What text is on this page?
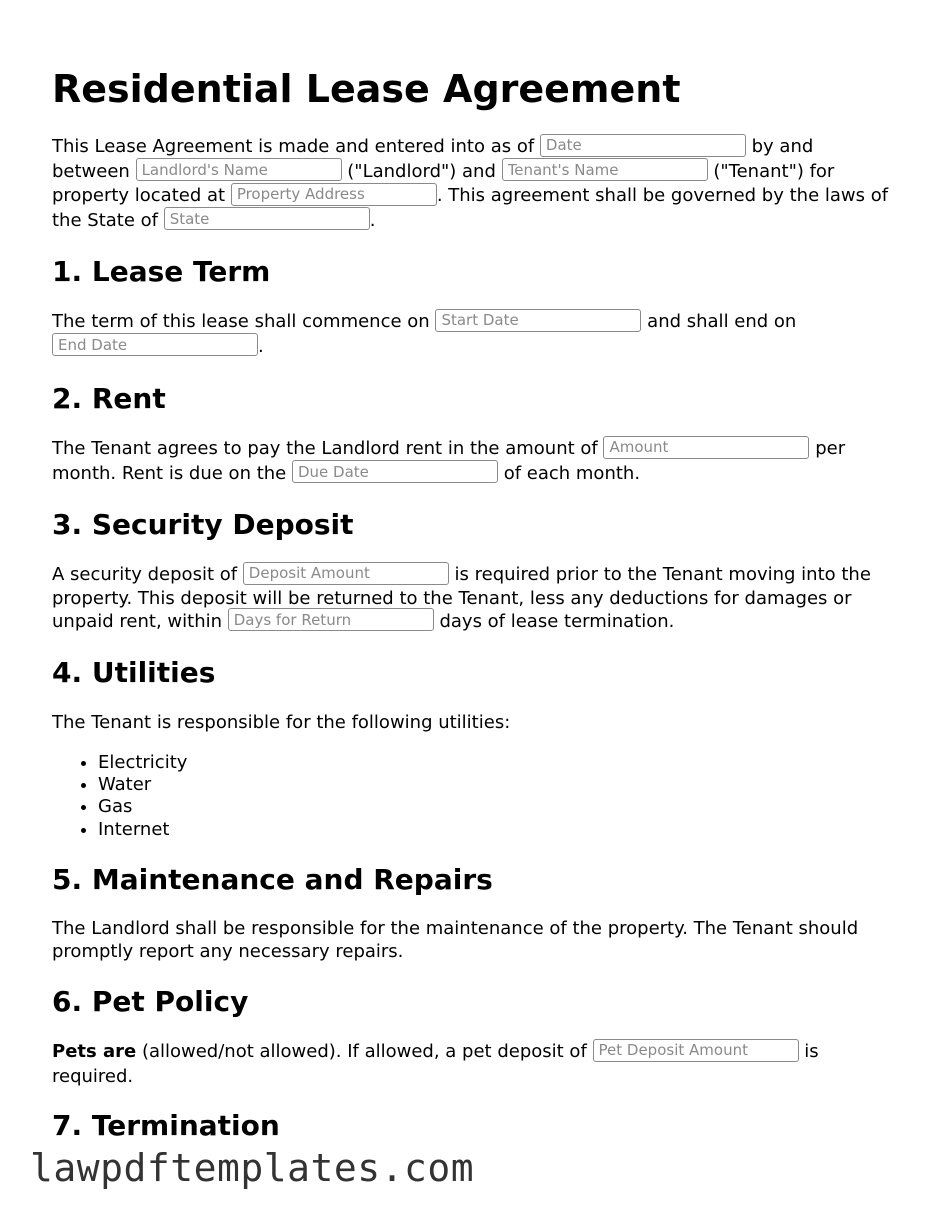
Residential Lease Agreement

This Lease Agreement is made and entered into as of Date	by and between Landlord's Name	("Landlord") and Tenant's Name	("Tenant") for property located at Property Address	. This agreement shall be governed by the laws of the State of State	.

1. Lease Term

The term of this lease shall commence on Start Date	and shall end on End Date.

2. Rent

The Tenant agrees to pay the Landlord rent in the amount of Amount	per month. Rent is due on the Due Date	of each month.

3. Security Deposit

A security deposit of Deposit Amount	is required prior to the Tenant moving into the property. This deposit will be returned to the Tenant, less any deductions for damages or unpaid rent, within Days for Return	days of lease termination.

4. Utilities

The Tenant is responsible for the following utilities:

• Electricity
• Water
• Gas
• Internet
5. Maintenance and Repairs

The Landlord shall be responsible for the maintenance of the property. The Tenant should promptly report any necessary repairs.

6. Pet Policy

Pets are (allowed/not allowed). If allowed, a pet deposit of Pet Deposit Amount	is required.

7. Termination
lawpdftemplates.com
